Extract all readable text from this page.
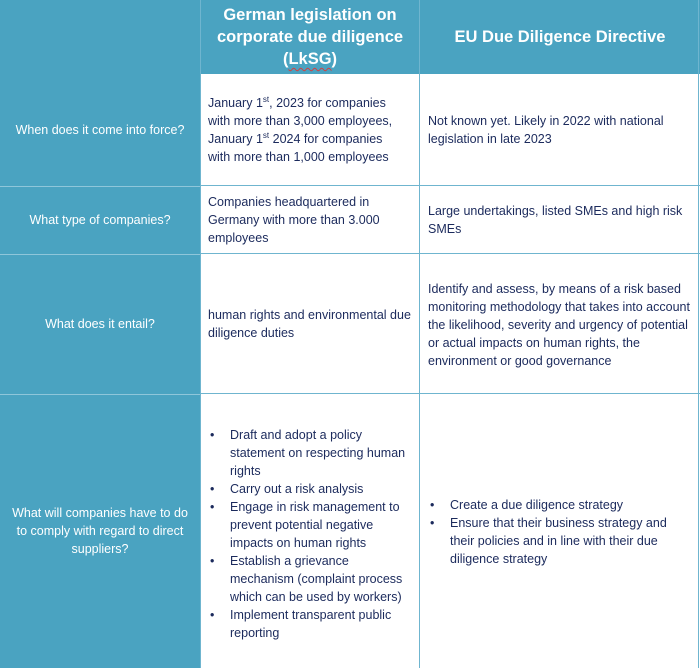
German legislation on corporate due diligence (LkSG)
EU Due Diligence Directive
When does it come into force?
January 1st, 2023 for companies
with more than 3,000 employees,
January 1st 2024 for companies
with more than 1,000 employees
Not known yet. Likely in 2022 with national legislation in late 2023
What type of companies?
Companies headquartered in Germany with more than 3.000 employees
Large undertakings, listed SMEs and high risk SMEs
What does it entail?
human rights and environmental due diligence duties
Identify and assess, by means of a risk based monitoring methodology that takes into account the likelihood, severity and urgency of potential or actual impacts on human rights, the environment or good governance
What will companies have to do to comply with regard to direct suppliers?
• Draft and adopt a policy statement on respecting human rights
• Carry out a risk analysis
• Engage in risk management to prevent potential negative impacts on human rights
• Establish a grievance mechanism (complaint process which can be used by workers)
• Implement transparent public reporting
• Create a due diligence strategy
• Ensure that their business strategy and their policies and in line with their due diligence strategy
